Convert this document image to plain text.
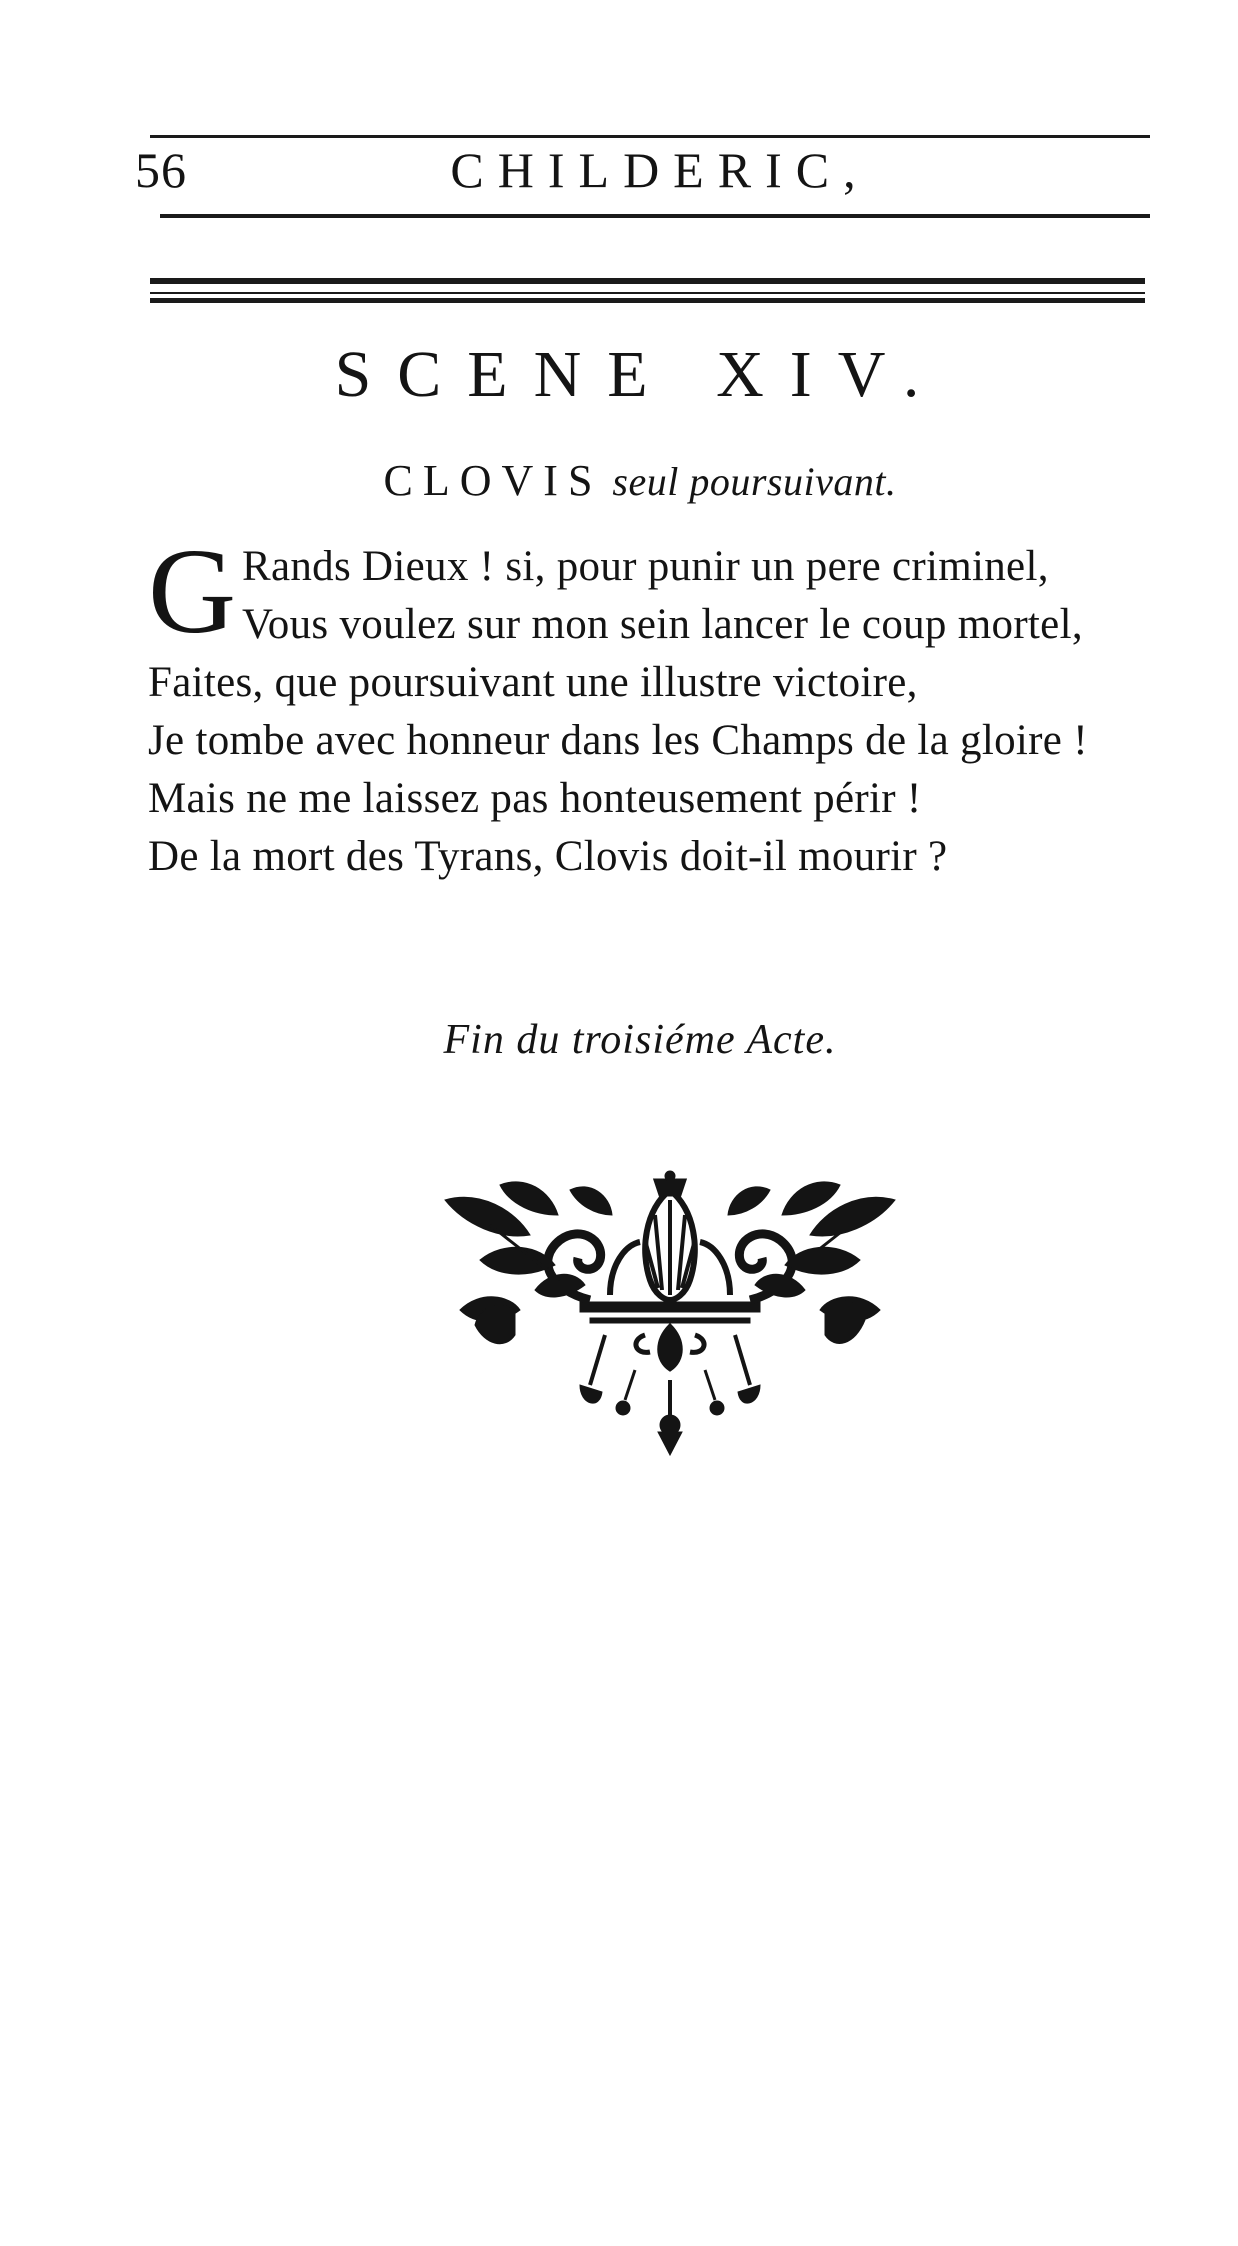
56	CHILDERIC,
SCENE XIV.
CLOVIS seul poursuivant.
G Rands Dieux ! si, pour punir un pere criminel,
Vous voulez sur mon sein lancer le coup mortel,
Faites, que poursuivant une illustre victoire,
Je tombe avec honneur dans les Champs de la gloire !
Mais ne me laissez pas honteusement périr !
De la mort des Tyrans, Clovis doit-il mourir ?
Fin du troisiéme Acte.
